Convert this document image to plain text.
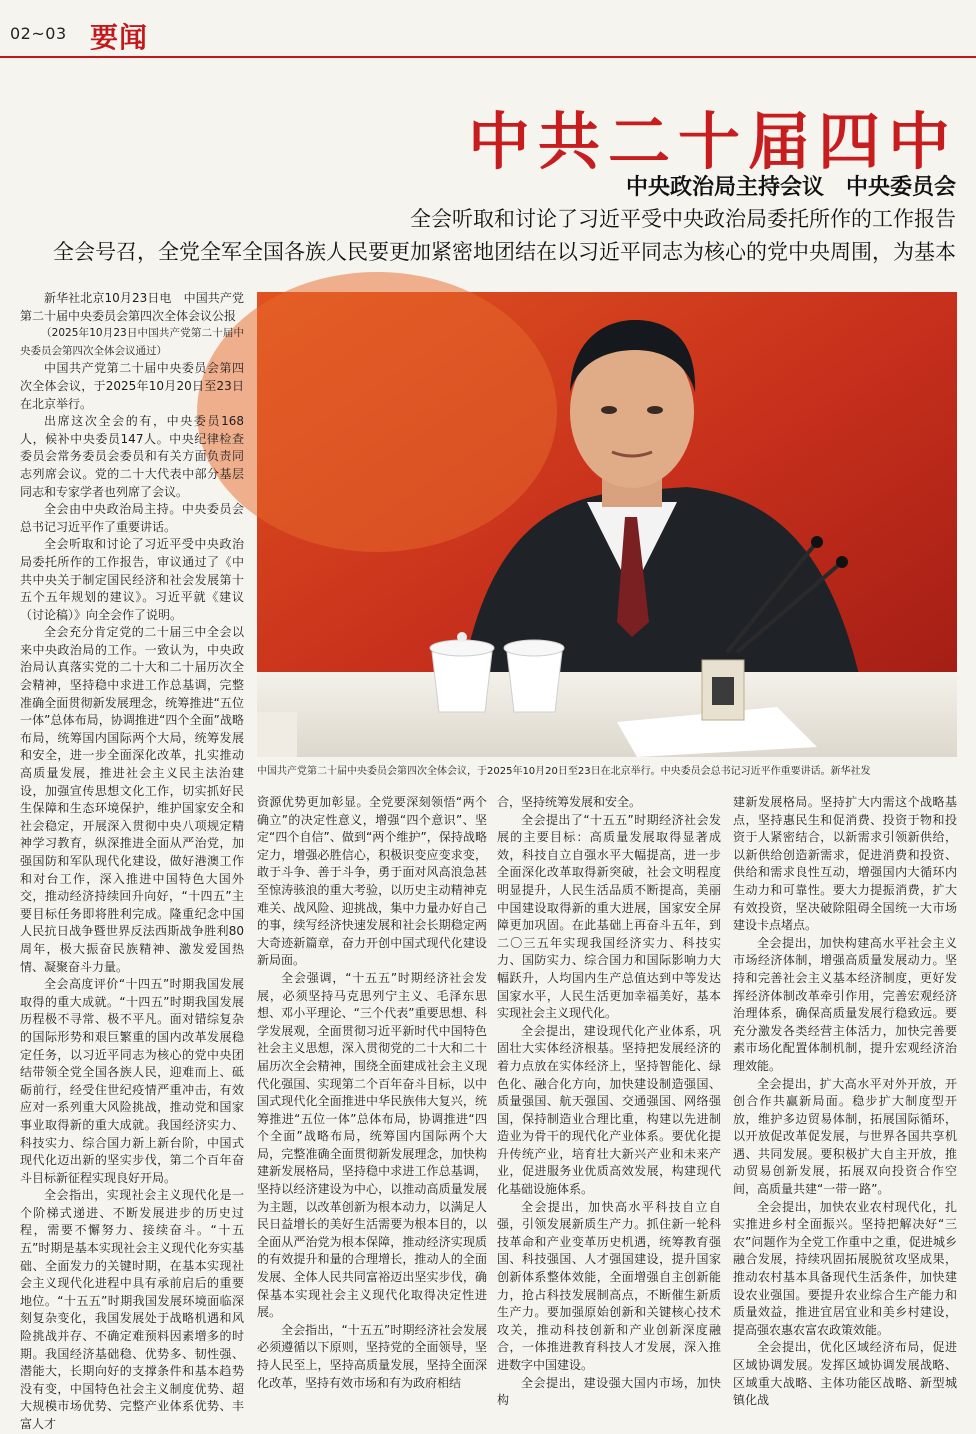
02~03 要闻
中共二十届四中
中央政治局主持会议　中央委员会
全会听取和讨论了习近平受中央政治局委托所作的工作报告
全会号召，全党全军全国各族人民要更加紧密地团结在以习近平同志为核心的党中央周围，为基本
中国共产党第二十届中央委员会第四次全体会议，于2025年10月20日至23日在北京举行。中央委员会总书记习近平作重要讲话。新华社发

新华社北京10月23日电　中国共产党第二十届中央委员会第四次全体会议公报

（2025年10月23日中国共产党第二十届中央委员会第四次全体会议通过）

中国共产党第二十届中央委员会第四次全体会议，于2025年10月20日至23日在北京举行。

出席这次全会的有，中央委员168人，候补中央委员147人。中央纪律检查委员会常务委员会委员和有关方面负责同志列席会议。党的二十大代表中部分基层同志和专家学者也列席了会议。

全会由中央政治局主持。中央委员会总书记习近平作了重要讲话。

全会听取和讨论了习近平受中央政治局委托所作的工作报告，审议通过了《中共中央关于制定国民经济和社会发展第十五个五年规划的建议》。习近平就《建议（讨论稿）》向全会作了说明。

全会充分肯定党的二十届三中全会以来中央政治局的工作。一致认为，中央政治局认真落实党的二十大和二十届历次全会精神，坚持稳中求进工作总基调，完整准确全面贯彻新发展理念，统筹推进“五位一体”总体布局，协调推进“四个全面”战略布局，统筹国内国际两个大局，统筹发展和安全，进一步全面深化改革，扎实推动高质量发展，推进社会主义民主法治建设，加强宣传思想文化工作，切实抓好民生保障和生态环境保护，维护国家安全和社会稳定，开展深入贯彻中央八项规定精神学习教育，纵深推进全面从严治党，加强国防和军队现代化建设，做好港澳工作和对台工作，深入推进中国特色大国外交，推动经济持续回升向好，“十四五”主要目标任务即将胜利完成。隆重纪念中国人民抗日战争暨世界反法西斯战争胜利80周年，极大振奋民族精神、激发爱国热情、凝聚奋斗力量。

全会高度评价“十四五”时期我国发展取得的重大成就。“十四五”时期我国发展历程极不寻常、极不平凡。面对错综复杂的国际形势和艰巨繁重的国内改革发展稳定任务，以习近平同志为核心的党中央团结带领全党全国各族人民，迎难而上、砥砺前行，经受住世纪疫情严重冲击，有效应对一系列重大风险挑战，推动党和国家事业取得新的重大成就。我国经济实力、科技实力、综合国力新上新台阶，中国式现代化迈出新的坚实步伐，第二个百年奋斗目标新征程实现良好开局。

全会指出，实现社会主义现代化是一个阶梯式递进、不断发展进步的历史过程，需要不懈努力、接续奋斗。“十五五”时期是基本实现社会主义现代化夯实基础、全面发力的关键时期，在基本实现社会主义现代化进程中具有承前启后的重要地位。“十五五”时期我国发展环境面临深刻复杂变化，我国发展处于战略机遇和风险挑战并存、不确定难预料因素增多的时期。我国经济基础稳、优势多、韧性强、潜能大，长期向好的支撑条件和基本趋势没有变，中国特色社会主义制度优势、超大规模市场优势、完整产业体系优势、丰富人才

资源优势更加彰显。全党要深刻领悟“两个确立”的决定性意义，增强“四个意识”、坚定“四个自信”、做到“两个维护”，保持战略定力，增强必胜信心，积极识变应变求变，敢于斗争、善于斗争，勇于面对风高浪急甚至惊涛骇浪的重大考验，以历史主动精神克难关、战风险、迎挑战，集中力量办好自己的事，续写经济快速发展和社会长期稳定两大奇迹新篇章，奋力开创中国式现代化建设新局面。

全会强调，“十五五”时期经济社会发展，必须坚持马克思列宁主义、毛泽东思想、邓小平理论、“三个代表”重要思想、科学发展观，全面贯彻习近平新时代中国特色社会主义思想，深入贯彻党的二十大和二十届历次全会精神，围绕全面建成社会主义现代化强国、实现第二个百年奋斗目标，以中国式现代化全面推进中华民族伟大复兴，统筹推进“五位一体”总体布局，协调推进“四个全面”战略布局，统筹国内国际两个大局，完整准确全面贯彻新发展理念，加快构建新发展格局，坚持稳中求进工作总基调，坚持以经济建设为中心，以推动高质量发展为主题，以改革创新为根本动力，以满足人民日益增长的美好生活需要为根本目的，以全面从严治党为根本保障，推动经济实现质的有效提升和量的合理增长，推动人的全面发展、全体人民共同富裕迈出坚实步伐，确保基本实现社会主义现代化取得决定性进展。

全会指出，“十五五”时期经济社会发展必须遵循以下原则，坚持党的全面领导，坚持人民至上，坚持高质量发展，坚持全面深化改革，坚持有效市场和有为政府相结

合，坚持统筹发展和安全。

全会提出了“十五五”时期经济社会发展的主要目标：高质量发展取得显著成效，科技自立自强水平大幅提高，进一步全面深化改革取得新突破，社会文明程度明显提升，人民生活品质不断提高，美丽中国建设取得新的重大进展，国家安全屏障更加巩固。在此基础上再奋斗五年，到二〇三五年实现我国经济实力、科技实力、国防实力、综合国力和国际影响力大幅跃升，人均国内生产总值达到中等发达国家水平，人民生活更加幸福美好，基本实现社会主义现代化。

全会提出，建设现代化产业体系，巩固壮大实体经济根基。坚持把发展经济的着力点放在实体经济上，坚持智能化、绿色化、融合化方向，加快建设制造强国、质量强国、航天强国、交通强国、网络强国，保持制造业合理比重，构建以先进制造业为骨干的现代化产业体系。要优化提升传统产业，培育壮大新兴产业和未来产业，促进服务业优质高效发展，构建现代化基础设施体系。

全会提出，加快高水平科技自立自强，引领发展新质生产力。抓住新一轮科技革命和产业变革历史机遇，统筹教育强国、科技强国、人才强国建设，提升国家创新体系整体效能，全面增强自主创新能力，抢占科技发展制高点，不断催生新质生产力。要加强原始创新和关键核心技术攻关，推动科技创新和产业创新深度融合，一体推进教育科技人才发展，深入推进数字中国建设。

全会提出，建设强大国内市场，加快构

建新发展格局。坚持扩大内需这个战略基点，坚持惠民生和促消费、投资于物和投资于人紧密结合，以新需求引领新供给，以新供给创造新需求，促进消费和投资、供给和需求良性互动，增强国内大循环内生动力和可靠性。要大力提振消费，扩大有效投资，坚决破除阻碍全国统一大市场建设卡点堵点。

全会提出，加快构建高水平社会主义市场经济体制，增强高质量发展动力。坚持和完善社会主义基本经济制度，更好发挥经济体制改革牵引作用，完善宏观经济治理体系，确保高质量发展行稳致远。要充分激发各类经营主体活力，加快完善要素市场化配置体制机制，提升宏观经济治理效能。

全会提出，扩大高水平对外开放，开创合作共赢新局面。稳步扩大制度型开放，维护多边贸易体制，拓展国际循环，以开放促改革促发展，与世界各国共享机遇、共同发展。要积极扩大自主开放，推动贸易创新发展，拓展双向投资合作空间，高质量共建“一带一路”。

全会提出，加快农业农村现代化，扎实推进乡村全面振兴。坚持把解决好“三农”问题作为全党工作重中之重，促进城乡融合发展，持续巩固拓展脱贫攻坚成果，推动农村基本具备现代生活条件，加快建设农业强国。要提升农业综合生产能力和质量效益，推进宜居宜业和美乡村建设，提高强农惠农富农政策效能。

全会提出，优化区域经济布局，促进区域协调发展。发挥区域协调发展战略、区域重大战略、主体功能区战略、新型城镇化战
